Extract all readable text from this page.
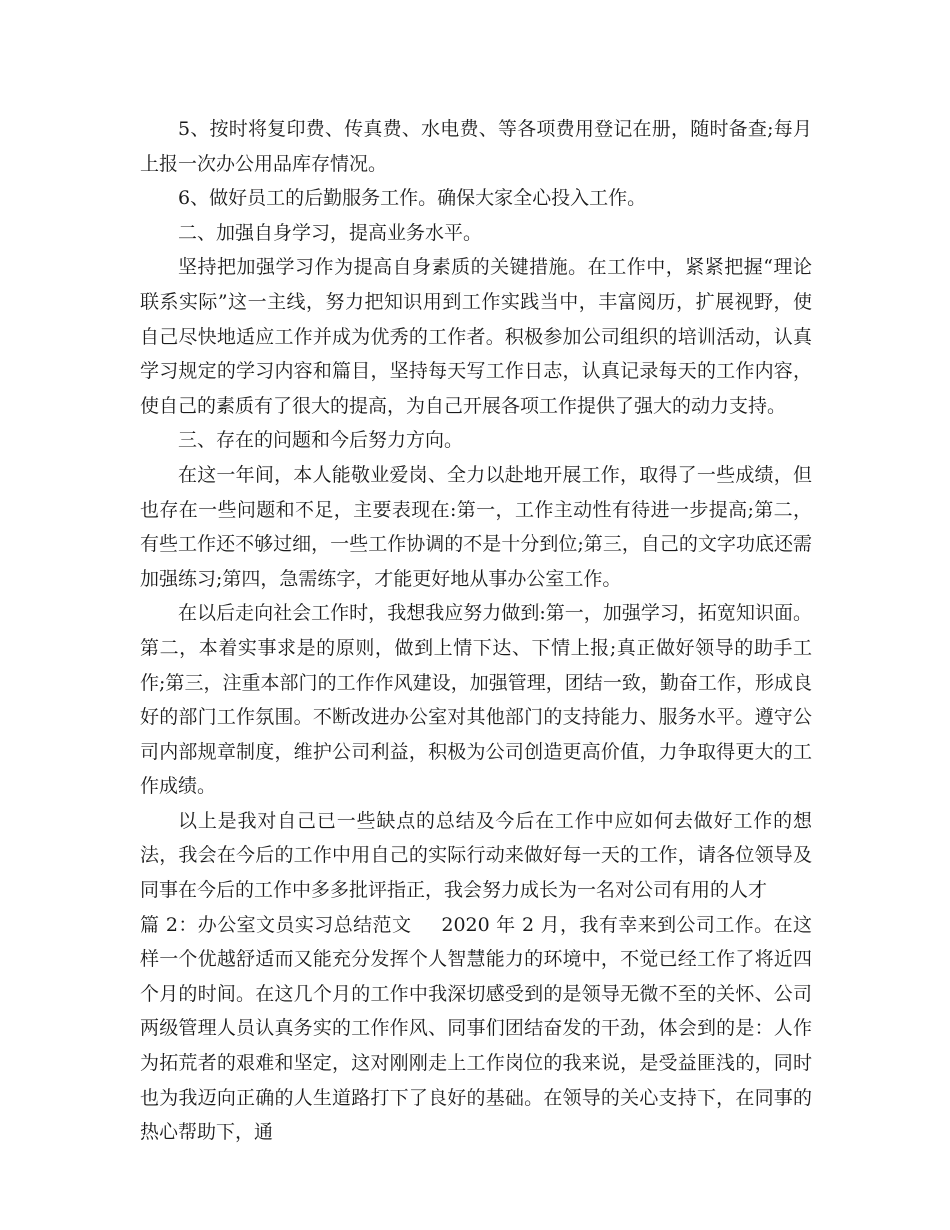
5、按时将复印费、传真费、水电费、等各项费用登记在册，随时备查;每月上报一次办公用品库存情况。

6、做好员工的后勤服务工作。确保大家全心投入工作。

二、加强自身学习，提高业务水平。

坚持把加强学习作为提高自身素质的关键措施。在工作中，紧紧把握“理论联系实际”这一主线，努力把知识用到工作实践当中，丰富阅历，扩展视野，使自己尽快地适应工作并成为优秀的工作者。积极参加公司组织的培训活动，认真学习规定的学习内容和篇目，坚持每天写工作日志，认真记录每天的工作内容，使自己的素质有了很大的提高，为自己开展各项工作提供了强大的动力支持。

三、存在的问题和今后努力方向。

在这一年间，本人能敬业爱岗、全力以赴地开展工作，取得了一些成绩，但也存在一些问题和不足，主要表现在:第一，工作主动性有待进一步提高;第二，有些工作还不够过细，一些工作协调的不是十分到位;第三，自己的文字功底还需加强练习;第四，急需练字，才能更好地从事办公室工作。

在以后走向社会工作时，我想我应努力做到:第一，加强学习，拓宽知识面。第二，本着实事求是的原则，做到上情下达、下情上报;真正做好领导的助手工作;第三，注重本部门的工作作风建设，加强管理，团结一致，勤奋工作，形成良好的部门工作氛围。不断改进办公室对其他部门的支持能力、服务水平。遵守公司内部规章制度，维护公司利益，积极为公司创造更高价值，力争取得更大的工作成绩。

以上是我对自己已一些缺点的总结及今后在工作中应如何去做好工作的想法，我会在今后的工作中用自己的实际行动来做好每一天的工作，请各位领导及同事在今后的工作中多多批评指正，我会努力成长为一名对公司有用的人才

篇 2：办公室文员实习总结范文 2020 年 2 月，我有幸来到公司工作。在这样一个优越舒适而又能充分发挥个人智慧能力的环境中，不觉已经工作了将近四个月的时间。在这几个月的工作中我深切感受到的是领导无微不至的关怀、公司两级管理人员认真务实的工作作风、同事们团结奋发的干劲，体会到的是：人作为拓荒者的艰难和坚定，这对刚刚走上工作岗位的我来说，是受益匪浅的，同时也为我迈向正确的人生道路打下了良好的基础。在领导的关心支持下，在同事的热心帮助下，通
